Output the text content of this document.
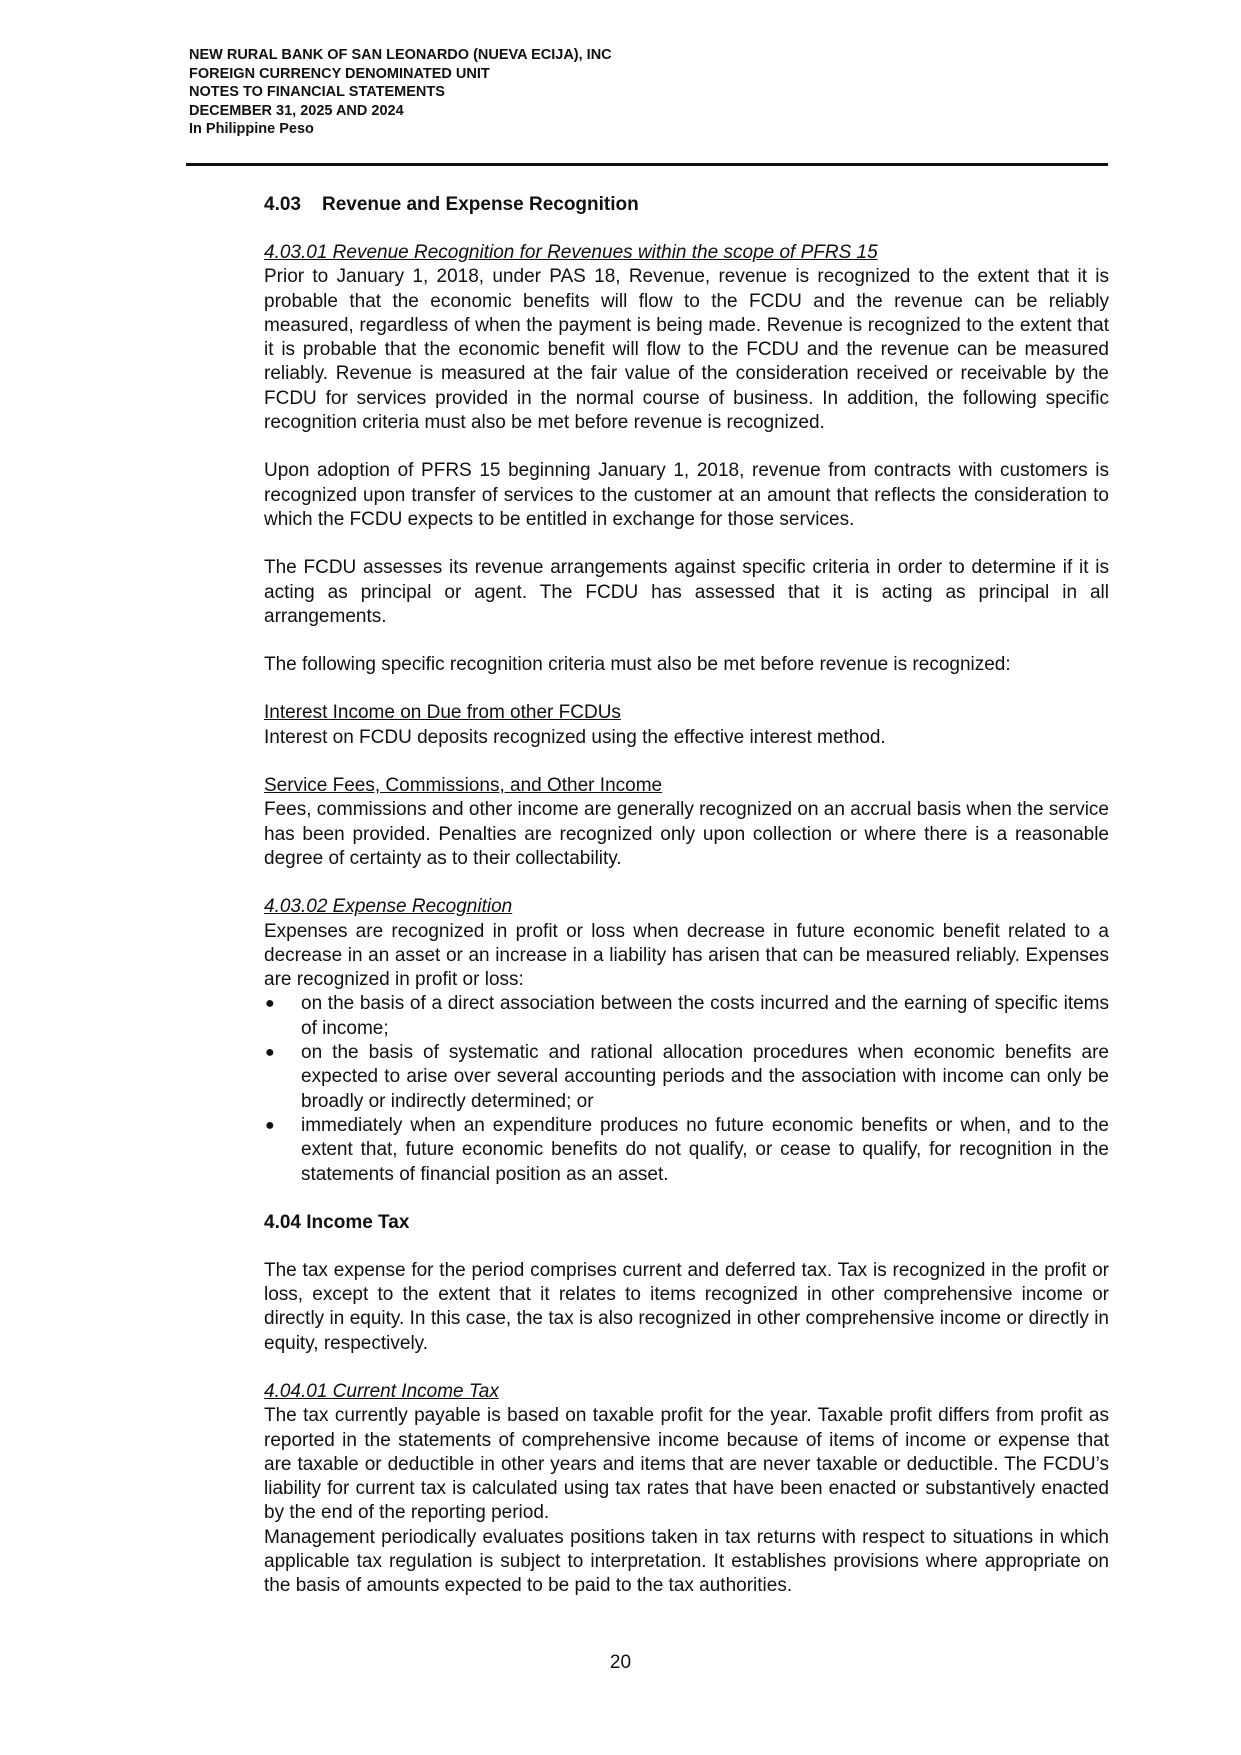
NEW RURAL BANK OF SAN LEONARDO (NUEVA ECIJA), INC
FOREIGN CURRENCY DENOMINATED UNIT
NOTES TO FINANCIAL STATEMENTS
DECEMBER 31, 2025 AND 2024
In Philippine Peso
4.03 Revenue and Expense Recognition
4.03.01 Revenue Recognition for Revenues within the scope of PFRS 15

Prior to January 1, 2018, under PAS 18, Revenue, revenue is recognized to the extent that it is probable that the economic benefits will flow to the FCDU and the revenue can be reliably measured, regardless of when the payment is being made. Revenue is recognized to the extent that it is probable that the economic benefit will flow to the FCDU and the revenue can be measured reliably. Revenue is measured at the fair value of the consideration received or receivable by the FCDU for services provided in the normal course of business. In addition, the following specific recognition criteria must also be met before revenue is recognized.

Upon adoption of PFRS 15 beginning January 1, 2018, revenue from contracts with customers is recognized upon transfer of services to the customer at an amount that reflects the consideration to which the FCDU expects to be entitled in exchange for those services.

The FCDU assesses its revenue arrangements against specific criteria in order to determine if it is acting as principal or agent. The FCDU has assessed that it is acting as principal in all arrangements.

The following specific recognition criteria must also be met before revenue is recognized:

Interest Income on Due from other FCDUs

Interest on FCDU deposits recognized using the effective interest method.

Service Fees, Commissions, and Other Income

Fees, commissions and other income are generally recognized on an accrual basis when the service has been provided. Penalties are recognized only upon collection or where there is a reasonable degree of certainty as to their collectability.

4.03.02 Expense Recognition

Expenses are recognized in profit or loss when decrease in future economic benefit related to a decrease in an asset or an increase in a liability has arisen that can be measured reliably. Expenses are recognized in profit or loss:

● on the basis of a direct association between the costs incurred and the earning of specific items of income;
● on the basis of systematic and rational allocation procedures when economic benefits are expected to arise over several accounting periods and the association with income can only be broadly or indirectly determined; or
● immediately when an expenditure produces no future economic benefits or when, and to the extent that, future economic benefits do not qualify, or cease to qualify, for recognition in the statements of financial position as an asset.
4.04 Income Tax

The tax expense for the period comprises current and deferred tax. Tax is recognized in the profit or loss, except to the extent that it relates to items recognized in other comprehensive income or directly in equity. In this case, the tax is also recognized in other comprehensive income or directly in equity, respectively.

4.04.01 Current Income Tax

The tax currently payable is based on taxable profit for the year. Taxable profit differs from profit as reported in the statements of comprehensive income because of items of income or expense that are taxable or deductible in other years and items that are never taxable or deductible. The FCDU’s liability for current tax is calculated using tax rates that have been enacted or substantively enacted by the end of the reporting period.

Management periodically evaluates positions taken in tax returns with respect to situations in which applicable tax regulation is subject to interpretation. It establishes provisions where appropriate on the basis of amounts expected to be paid to the tax authorities.

20
